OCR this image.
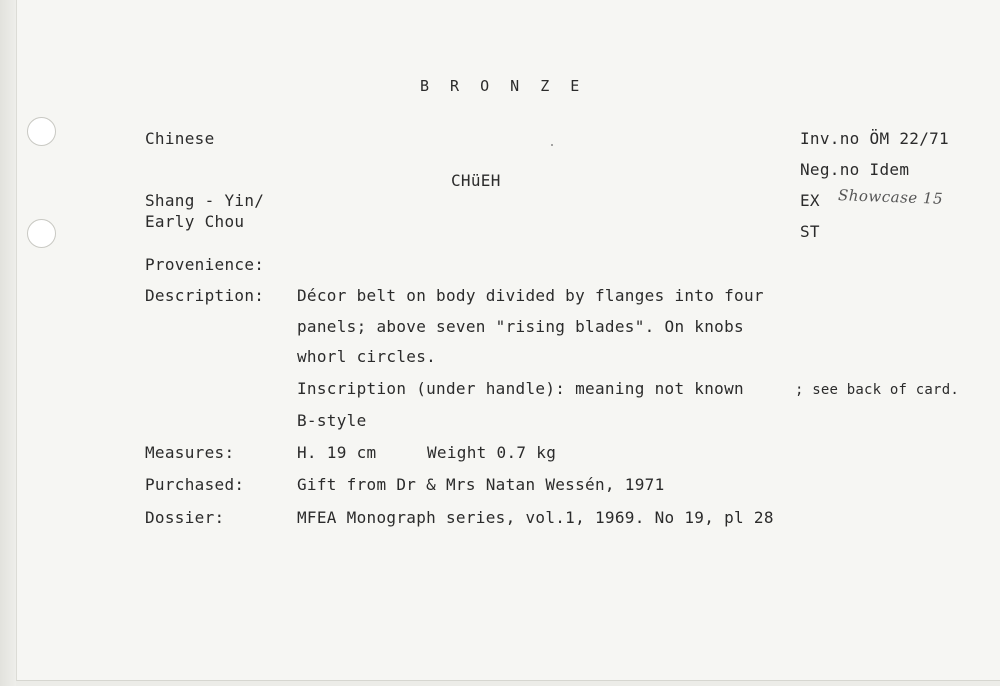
B R O N Z E
Chinese
CHüEH
Shang - Yin/
Early Chou
Inv.no ÖM 22/71
Neg.no Idem
EX Showcase 15
ST
Provenience:
Description: Décor belt on body divided by flanges into four
panels; above seven "rising blades". On knobs
whorl circles.
Inscription (under handle): meaning not known	; see back of card.
B-style
Measures:	H. 19 cm	Weight 0.7 kg
Purchased:	Gift from Dr & Mrs Natan Wessén, 1971
Dossier:	MFEA Monograph series, vol.1, 1969. No 19, pl 28
